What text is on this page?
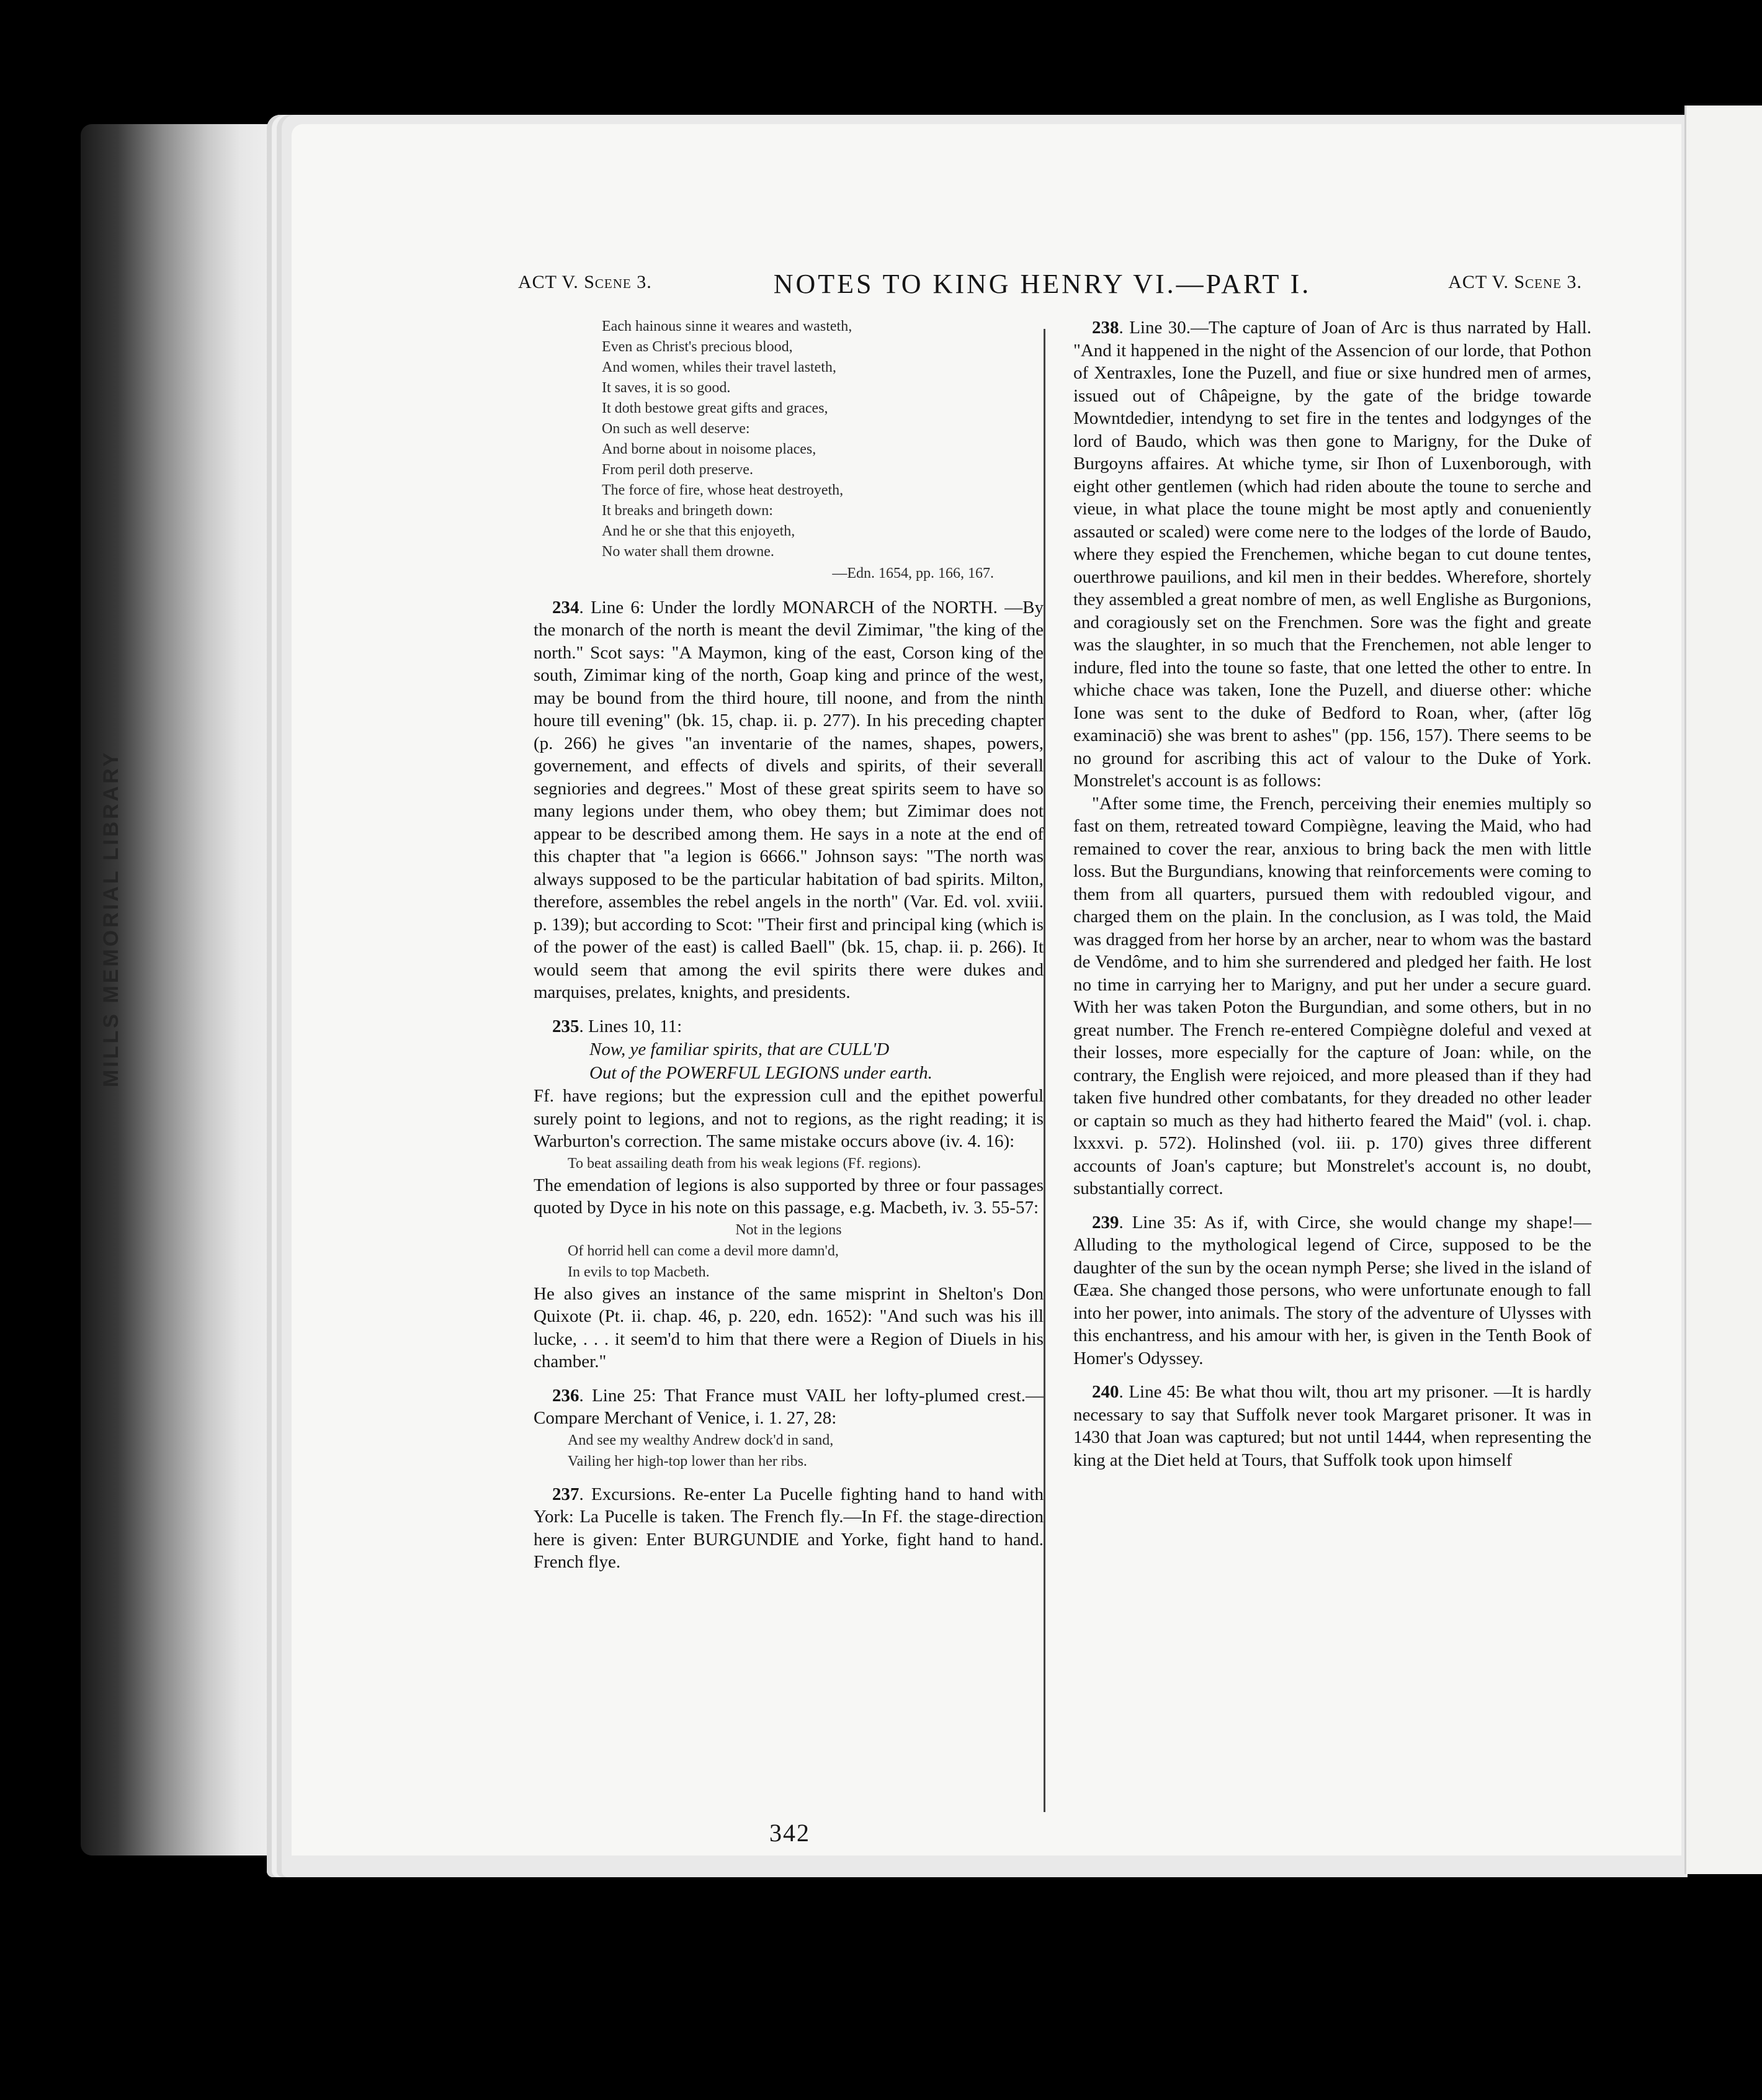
MILLS MEMORIAL LIBRARY
ACT V. Scene 3.	NOTES TO KING HENRY VI.—PART I.	ACT V. Scene 3.
Each hainous sinne it weares and wasteth,
Even as Christ's precious blood,
And women, whiles their travel lasteth,
It saves, it is so good.
It doth bestowe great gifts and graces,
On such as well deserve:
And borne about in noisome places,
From peril doth preserve.
The force of fire, whose heat destroyeth,
It breaks and bringeth down:
And he or she that this enjoyeth,
No water shall them drowne.
—Edn. 1654, pp. 166, 167.

234. Line 6: Under the lordly MONARCH of the NORTH. —By the monarch of the north is meant the devil Zimimar, "the king of the north." Scot says: "A Maymon, king of the east, Corson king of the south, Zimimar king of the north, Goap king and prince of the west, may be bound from the third houre, till noone, and from the ninth houre till evening" (bk. 15, chap. ii. p. 277). In his preceding chapter (p. 266) he gives "an inventarie of the names, shapes, powers, governement, and effects of divels and spirits, of their severall segniories and degrees." Most of these great spirits seem to have so many legions under them, who obey them; but Zimimar does not appear to be described among them. He says in a note at the end of this chapter that "a legion is 6666." Johnson says: "The north was always supposed to be the particular habitation of bad spirits. Milton, therefore, assembles the rebel angels in the north" (Var. Ed. vol. xviii. p. 139); but according to Scot: "Their first and principal king (which is of the power of the east) is called Baell" (bk. 15, chap. ii. p. 266). It would seem that among the evil spirits there were dukes and marquises, prelates, knights, and presidents.

235. Lines 10, 11:

Now, ye familiar spirits, that are CULL'D
Out of the POWERFUL LEGIONS under earth.

Ff. have regions; but the expression cull and the epithet powerful surely point to legions, and not to regions, as the right reading; it is Warburton's correction. The same mistake occurs above (iv. 4. 16):

To beat assailing death from his weak legions (Ff. regions).

The emendation of legions is also supported by three or four passages quoted by Dyce in his note on this passage, e.g. Macbeth, iv. 3. 55-57:

Not in the legions
Of horrid hell can come a devil more damn'd,
In evils to top Macbeth.

He also gives an instance of the same misprint in Shelton's Don Quixote (Pt. ii. chap. 46, p. 220, edn. 1652): "And such was his ill lucke, . . . it seem'd to him that there were a Region of Diuels in his chamber."

236. Line 25: That France must VAIL her lofty-plumed crest.—Compare Merchant of Venice, i. 1. 27, 28:

And see my wealthy Andrew dock'd in sand,
Vailing her high-top lower than her ribs.

237. Excursions. Re-enter La Pucelle fighting hand to hand with York: La Pucelle is taken. The French fly.—In Ff. the stage-direction here is given: Enter BURGUNDIE and Yorke, fight hand to hand. French flye.

238. Line 30.—The capture of Joan of Arc is thus narrated by Hall. "And it happened in the night of the Assencion of our lorde, that Pothon of Xentraxles, Ione the Puzell, and fiue or sixe hundred men of armes, issued out of Châpeigne, by the gate of the bridge towarde Mowntdedier, intendyng to set fire in the tentes and lodgynges of the lord of Baudo, which was then gone to Marigny, for the Duke of Burgoyns affaires. At whiche tyme, sir Ihon of Luxenborough, with eight other gentlemen (which had riden aboute the toune to serche and vieue, in what place the toune might be most aptly and conueniently assauted or scaled) were come nere to the lodges of the lorde of Baudo, where they espied the Frenchemen, whiche began to cut doune tentes, ouerthrowe pauilions, and kil men in their beddes. Wherefore, shortely they assembled a great nombre of men, as well Englishe as Burgonions, and coragiously set on the Frenchmen. Sore was the fight and greate was the slaughter, in so much that the Frenchemen, not able lenger to indure, fled into the toune so faste, that one letted the other to entre. In whiche chace was taken, Ione the Puzell, and diuerse other: whiche Ione was sent to the duke of Bedford to Roan, wher, (after lōg examinaciō) she was brent to ashes" (pp. 156, 157). There seems to be no ground for ascribing this act of valour to the Duke of York. Monstrelet's account is as follows:

"After some time, the French, perceiving their enemies multiply so fast on them, retreated toward Compiègne, leaving the Maid, who had remained to cover the rear, anxious to bring back the men with little loss. But the Burgundians, knowing that reinforcements were coming to them from all quarters, pursued them with redoubled vigour, and charged them on the plain. In the conclusion, as I was told, the Maid was dragged from her horse by an archer, near to whom was the bastard de Vendôme, and to him she surrendered and pledged her faith. He lost no time in carrying her to Marigny, and put her under a secure guard. With her was taken Poton the Burgundian, and some others, but in no great number. The French re-entered Compiègne doleful and vexed at their losses, more especially for the capture of Joan: while, on the contrary, the English were rejoiced, and more pleased than if they had taken five hundred other combatants, for they dreaded no other leader or captain so much as they had hitherto feared the Maid" (vol. i. chap. lxxxvi. p. 572). Holinshed (vol. iii. p. 170) gives three different accounts of Joan's capture; but Monstrelet's account is, no doubt, substantially correct.

239. Line 35: As if, with Circe, she would change my shape!—Alluding to the mythological legend of Circe, supposed to be the daughter of the sun by the ocean nymph Perse; she lived in the island of Œæa. She changed those persons, who were unfortunate enough to fall into her power, into animals. The story of the adventure of Ulysses with this enchantress, and his amour with her, is given in the Tenth Book of Homer's Odyssey.

240. Line 45: Be what thou wilt, thou art my prisoner. —It is hardly necessary to say that Suffolk never took Margaret prisoner. It was in 1430 that Joan was captured; but not until 1444, when representing the king at the Diet held at Tours, that Suffolk took upon himself

342
